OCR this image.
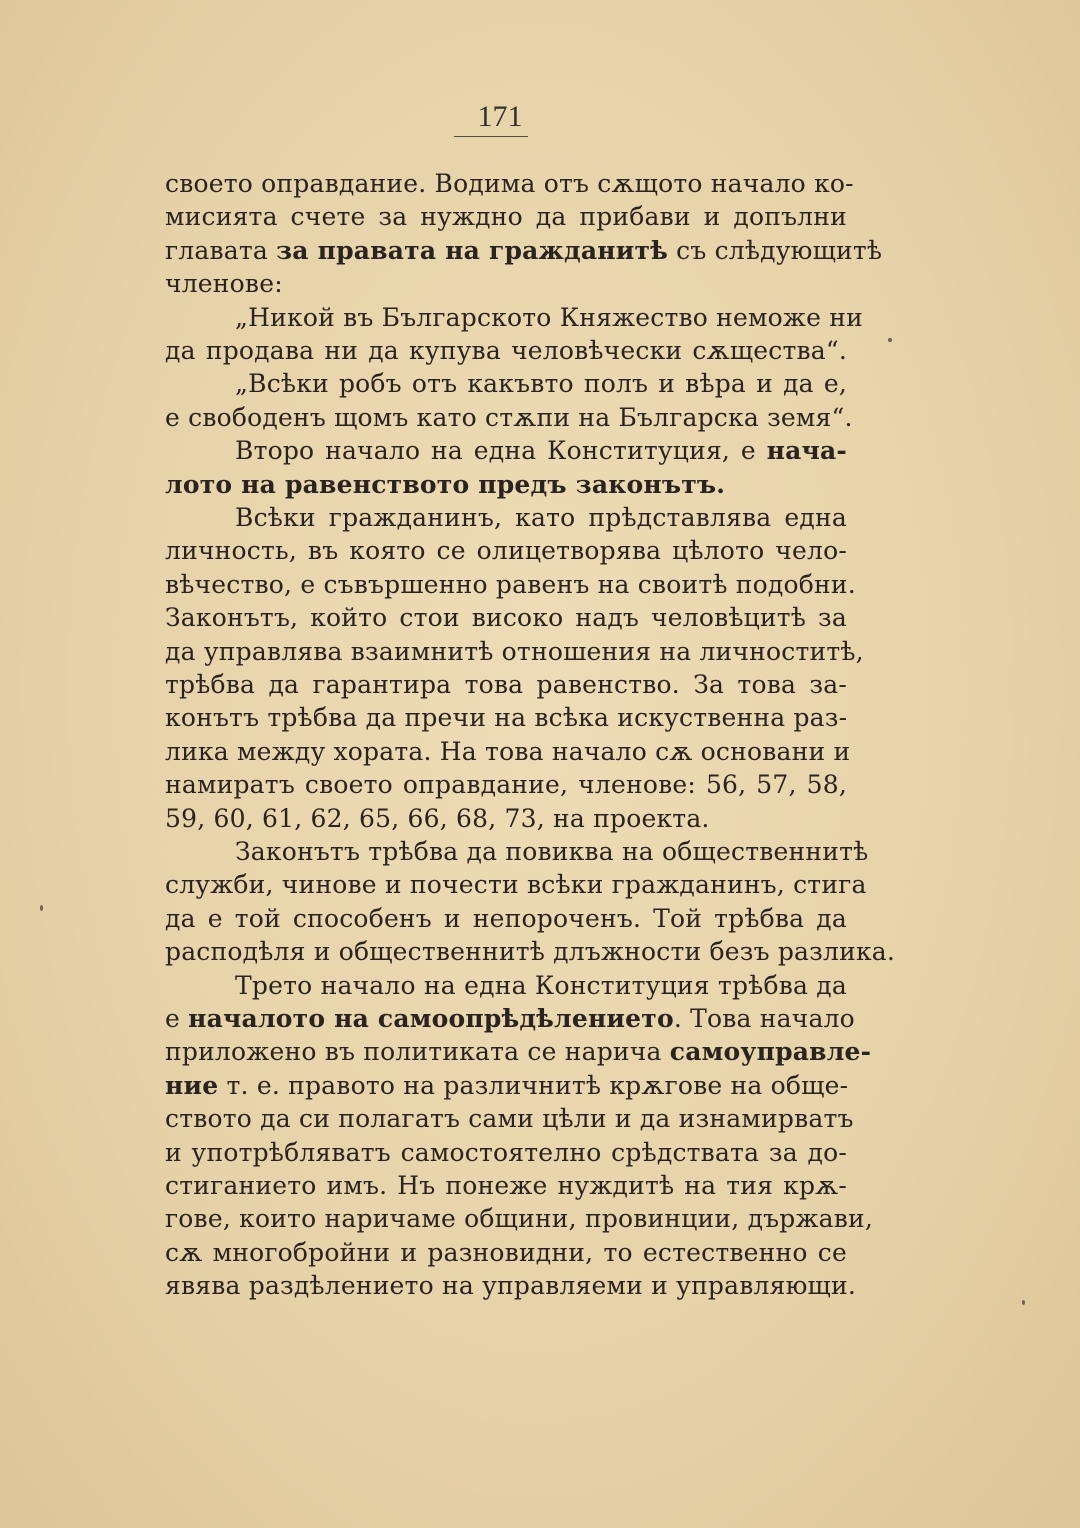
171
своето оправдание. Водима отъ сѫщото начало ко-
мисията счете за нуждно да прибави и допълни
главата за правата на гражданитѣ съ слѣдующитѣ
членове:
„Никой въ Българското Княжество неможе ни
да продава ни да купува человѣчески сѫщества“.
„Всѣки робъ отъ какъвто полъ и вѣра и да е,
е свободенъ щомъ като стѫпи на Българска земя“.
Второ начало на една Конституция, е нача-
лото на равенството предъ законътъ.
Всѣки гражданинъ, като прѣдставлява една
личность, въ която се олицетворява цѣлото чело-
вѣчество, е съвършенно равенъ на своитѣ подобни.
Законътъ, който стои високо надъ человѣцитѣ за
да управлява взаимнитѣ отношения на личноститѣ,
трѣбва да гарантира това равенство. За това за-
конътъ трѣбва да пречи на всѣка искуственна раз-
лика между хората. На това начало сѫ основани и
намиратъ своето оправдание, членове: 56, 57, 58,
59, 60, 61, 62, 65, 66, 68, 73, на проекта.
Законътъ трѣбва да повиква на общественнитѣ
служби, чинове и почести всѣки гражданинъ, стига
да е той способенъ и непороченъ. Той трѣбва да
расподѣля и общественнитѣ длъжности безъ разлика.
Трето начало на една Конституция трѣбва да
е началото на самоопрѣдѣлението. Това начало
приложено въ политиката се нарича самоуправле-
ние т. е. правото на различнитѣ крѫгове на обще-
ството да си полагатъ сами цѣли и да изнамирватъ
и употрѣбляватъ самостоятелно срѣдствата за до-
стиганието имъ. Нъ понеже нуждитѣ на тия крѫ-
гове, които наричаме общини, провинции, държави,
сѫ многобройни и разновидни, то естественно се
явява раздѣлението на управляеми и управляющи.
